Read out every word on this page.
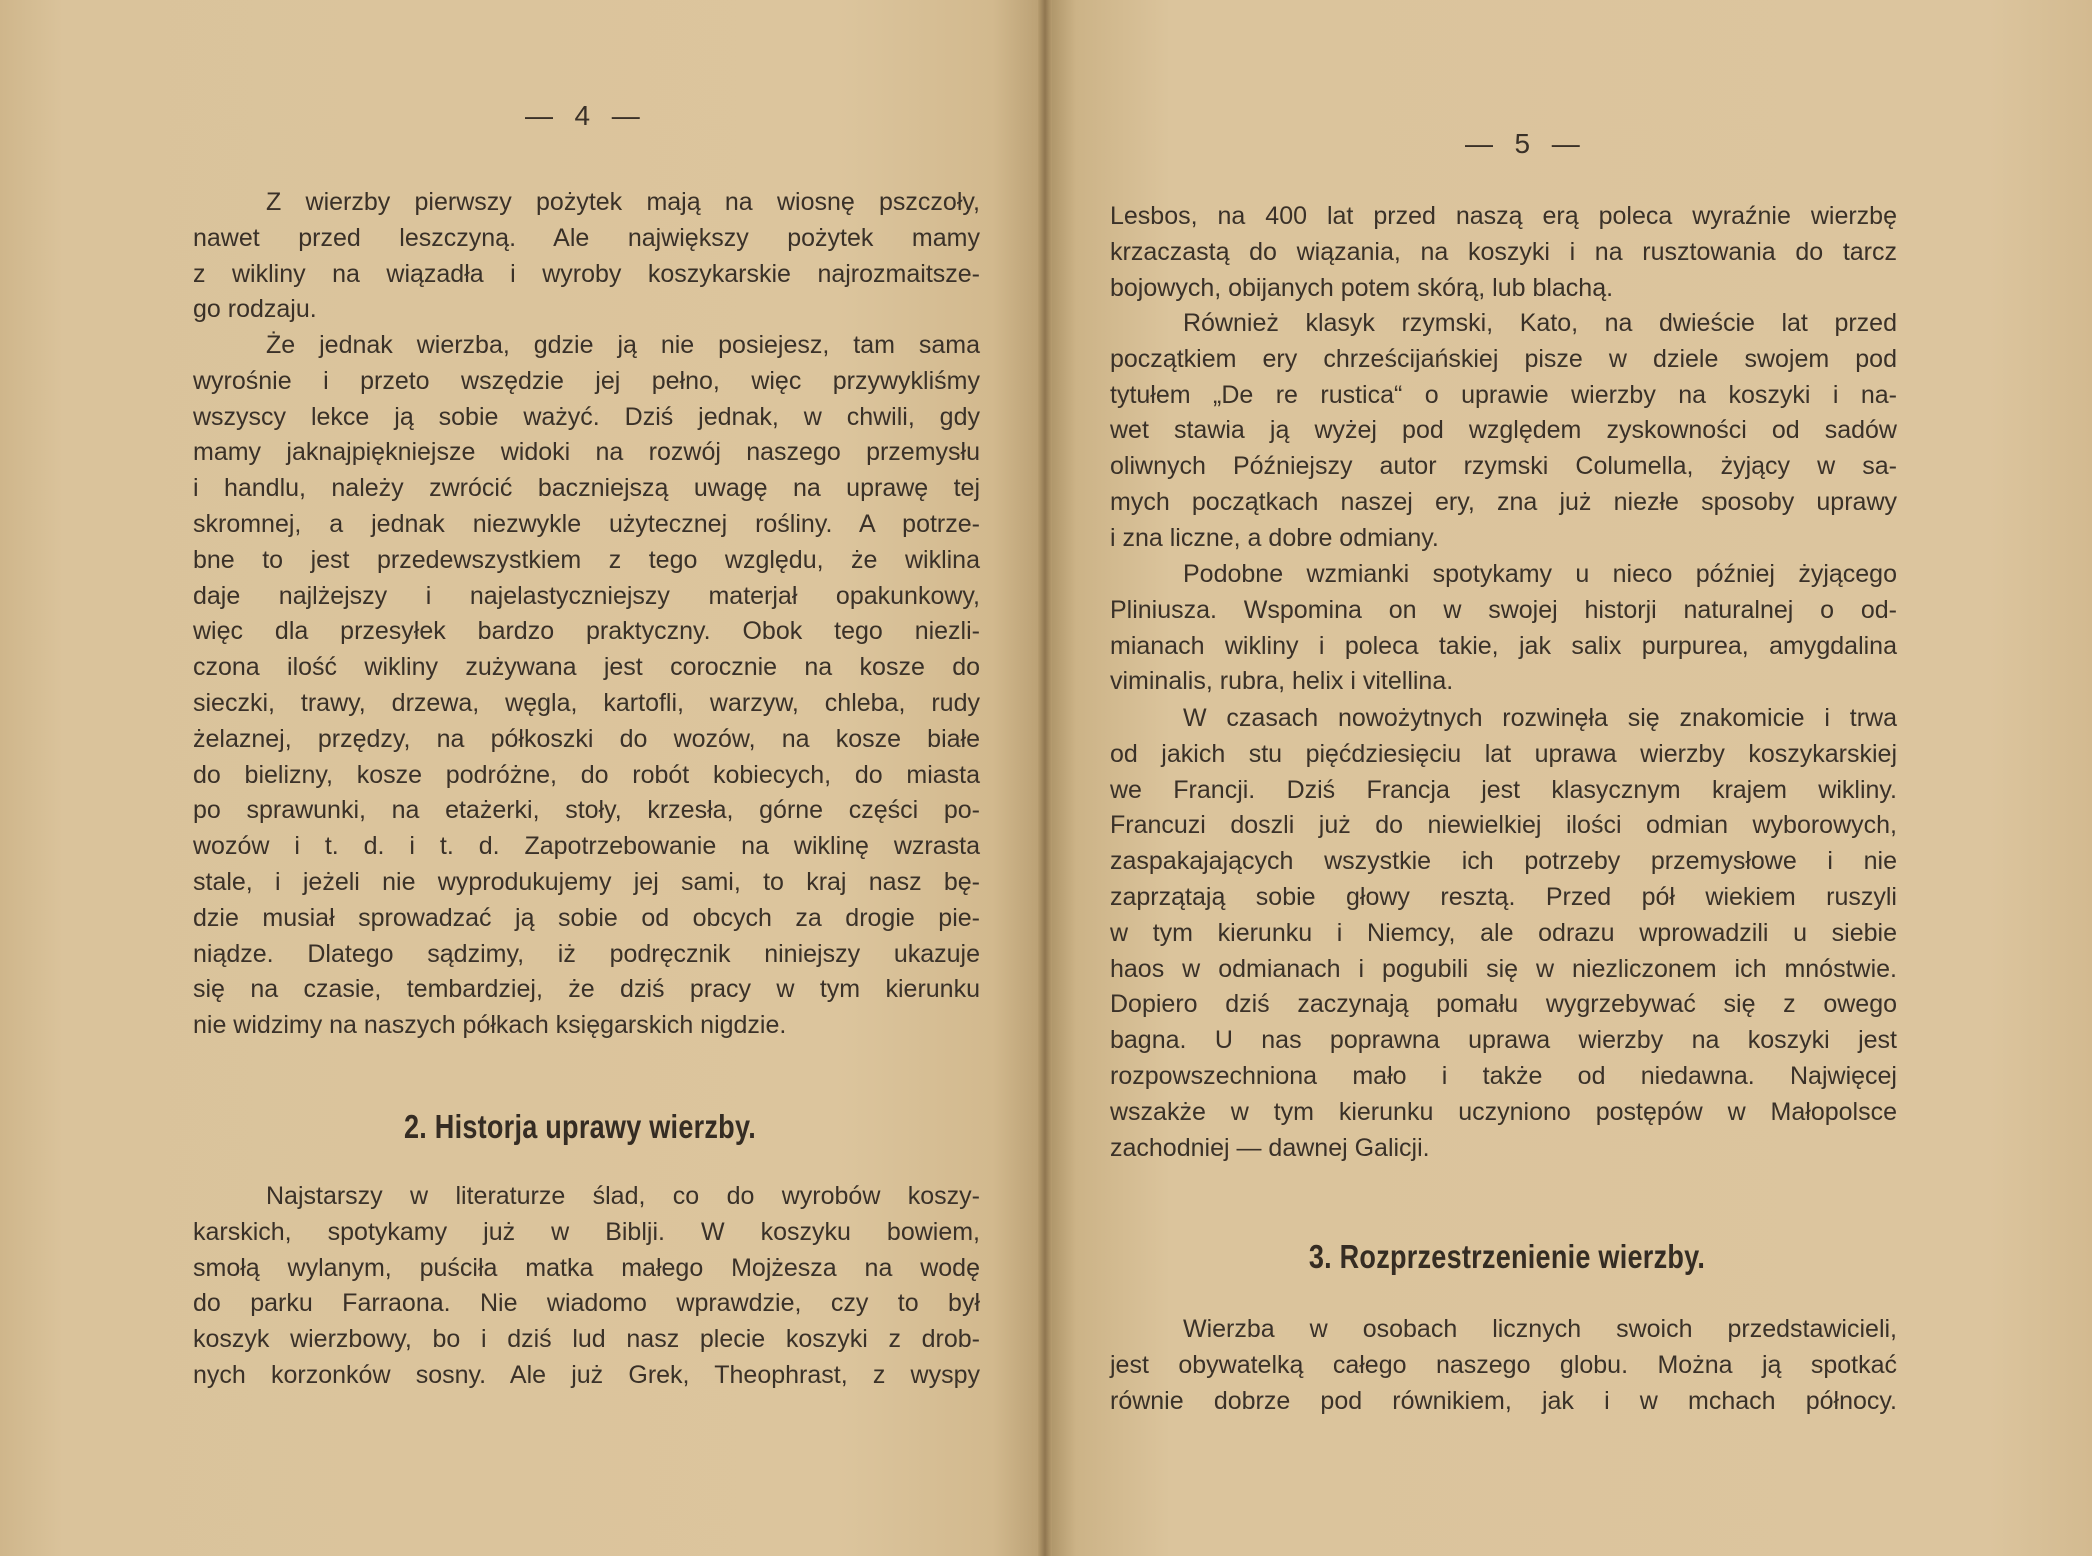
—  4  —
Z wierzby pierwszy pożytek mają na wiosnę pszczoły,
nawet przed leszczyną. Ale największy pożytek mamy
z wikliny na wiązadła i wyroby koszykarskie najrozmaitsze-
go rodzaju.
Że jednak wierzba, gdzie ją nie posiejesz, tam sama
wyrośnie i przeto wszędzie jej pełno, więc przywykliśmy
wszyscy lekce ją sobie ważyć. Dziś jednak, w chwili, gdy
mamy jaknajpiękniejsze widoki na rozwój naszego przemysłu
i handlu, należy zwrócić baczniejszą uwagę na uprawę tej
skromnej, a jednak niezwykle użytecznej rośliny. A potrze-
bne to jest przedewszystkiem z tego względu, że wiklina
daje najlżejszy i najelastyczniejszy materjał opakunkowy,
więc dla przesyłek bardzo praktyczny. Obok tego niezli-
czona ilość wikliny zużywana jest corocznie na kosze do
sieczki, trawy, drzewa, węgla, kartofli, warzyw, chleba, rudy
żelaznej, przędzy, na półkoszki do wozów, na kosze białe
do bielizny, kosze podróżne, do robót kobiecych, do miasta
po sprawunki, na etażerki, stoły, krzesła, górne części po-
wozów i t. d. i t. d. Zapotrzebowanie na wiklinę wzrasta
stale, i jeżeli nie wyprodukujemy jej sami, to kraj nasz bę-
dzie musiał sprowadzać ją sobie od obcych za drogie pie-
niądze. Dlatego sądzimy, iż podręcznik niniejszy ukazuje
się na czasie, tembardziej, że dziś pracy w tym kierunku
nie widzimy na naszych półkach księgarskich nigdzie.
2. Historja uprawy wierzby.
Najstarszy w literaturze ślad, co do wyrobów koszy-
karskich, spotykamy już w Biblji. W koszyku bowiem,
smołą wylanym, puściła matka małego Mojżesza na wodę
do parku Farraona. Nie wiadomo wprawdzie, czy to był
koszyk wierzbowy, bo i dziś lud nasz plecie koszyki z drob-
nych korzonków sosny. Ale już Grek, Theophrast, z wyspy
—  5  —
Lesbos, na 400 lat przed naszą erą poleca wyraźnie wierzbę
krzaczastą do wiązania, na koszyki i na rusztowania do tarcz
bojowych, obijanych potem skórą, lub blachą.
Również klasyk rzymski, Kato, na dwieście lat przed
początkiem ery chrześcijańskiej pisze w dziele swojem pod
tytułem „De re rustica“ o uprawie wierzby na koszyki i na-
wet stawia ją wyżej pod względem zyskowności od sadów
oliwnych Późniejszy autor rzymski Columella, żyjący w sa-
mych początkach naszej ery, zna już niezłe sposoby uprawy
i zna liczne, a dobre odmiany.
Podobne wzmianki spotykamy u nieco później żyjącego
Pliniusza. Wspomina on w swojej historji naturalnej o od-
mianach wikliny i poleca takie, jak salix purpurea, amygdalina
viminalis, rubra, helix i vitellina.
W czasach nowożytnych rozwinęła się znakomicie i trwa
od jakich stu pięćdziesięciu lat uprawa wierzby koszykarskiej
we Francji. Dziś Francja jest klasycznym krajem wikliny.
Francuzi doszli już do niewielkiej ilości odmian wyborowych,
zaspakajających wszystkie ich potrzeby przemysłowe i nie
zaprzątają sobie głowy resztą. Przed pół wiekiem ruszyli
w tym kierunku i Niemcy, ale odrazu wprowadzili u siebie
haos w odmianach i pogubili się w niezliczonem ich mnóstwie.
Dopiero dziś zaczynają pomału wygrzebywać się z owego
bagna. U nas poprawna uprawa wierzby na koszyki jest
rozpowszechniona mało i także od niedawna. Najwięcej
wszakże w tym kierunku uczyniono postępów w Małopolsce
zachodniej — dawnej Galicji.
3. Rozprzestrzenienie wierzby.
Wierzba w osobach licznych swoich przedstawicieli,
jest obywatelką całego naszego globu. Można ją spotkać
równie dobrze pod równikiem, jak i w mchach północy.
